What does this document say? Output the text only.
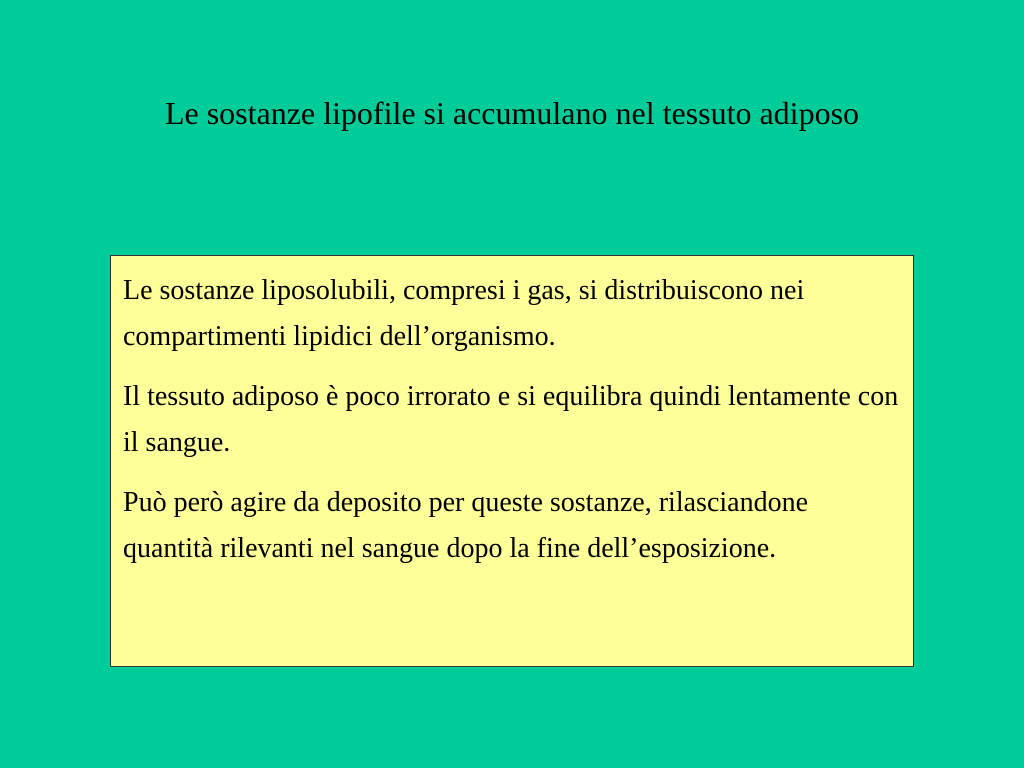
Le sostanze lipofile si accumulano nel tessuto adiposo

Le sostanze liposolubili, compresi i gas, si distribuiscono nei compartimenti lipidici dell’organismo.

Il tessuto adiposo è poco irrorato e si equilibra quindi lentamente con il sangue.

Può però agire da deposito per queste sostanze, rilasciandone quantità rilevanti nel sangue dopo la fine dell’esposizione.
